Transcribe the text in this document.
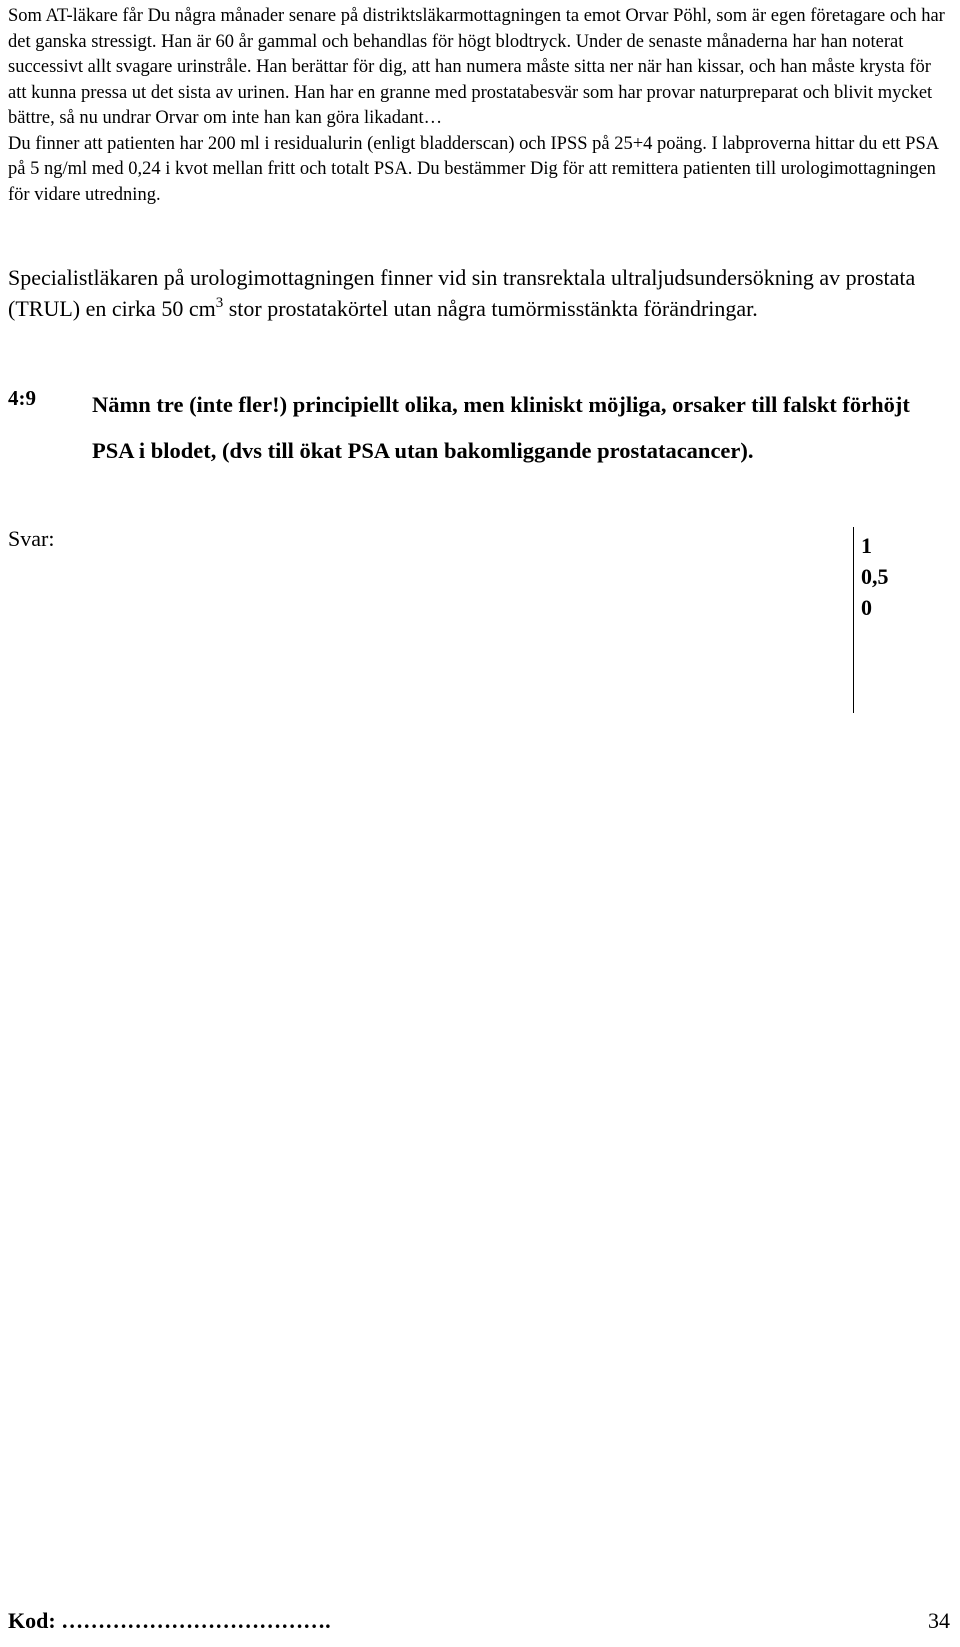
Som AT-läkare får Du några månader senare på distriktsläkarmottagningen ta emot Orvar Pöhl, som är egen företagare och har det ganska stressigt. Han är 60 år gammal och behandlas för högt blodtryck. Under de senaste månaderna har han noterat successivt allt svagare urinstråle. Han berättar för dig, att han numera måste sitta ner när han kissar, och han måste krysta för att kunna pressa ut det sista av urinen. Han har en granne med prostatabesvär som har provar naturpreparat och blivit mycket bättre, så nu undrar Orvar om inte han kan göra likadant…

Du finner att patienten har 200 ml i residualurin (enligt bladderscan) och IPSS på 25+4 poäng. I labproverna hittar du ett PSA på 5 ng/ml med 0,24 i kvot mellan fritt och totalt PSA. Du bestämmer Dig för att remittera patienten till urologimottagningen för vidare utredning.

Specialistläkaren på urologimottagningen finner vid sin transrektala ultraljudsundersökning av prostata (TRUL) en cirka 50 $cm^3$ stor prostatakörtel utan några tumörmisstänkta förändringar.

4:9 Nämn tre (inte fler!) principiellt olika, men kliniskt möjliga, orsaker till falskt förhöjt PSA i blodet, (dvs till ökat PSA utan bakomliggande prostatacancer).

Svar:	1
0,5
0

Kod: ……………………………….	34
